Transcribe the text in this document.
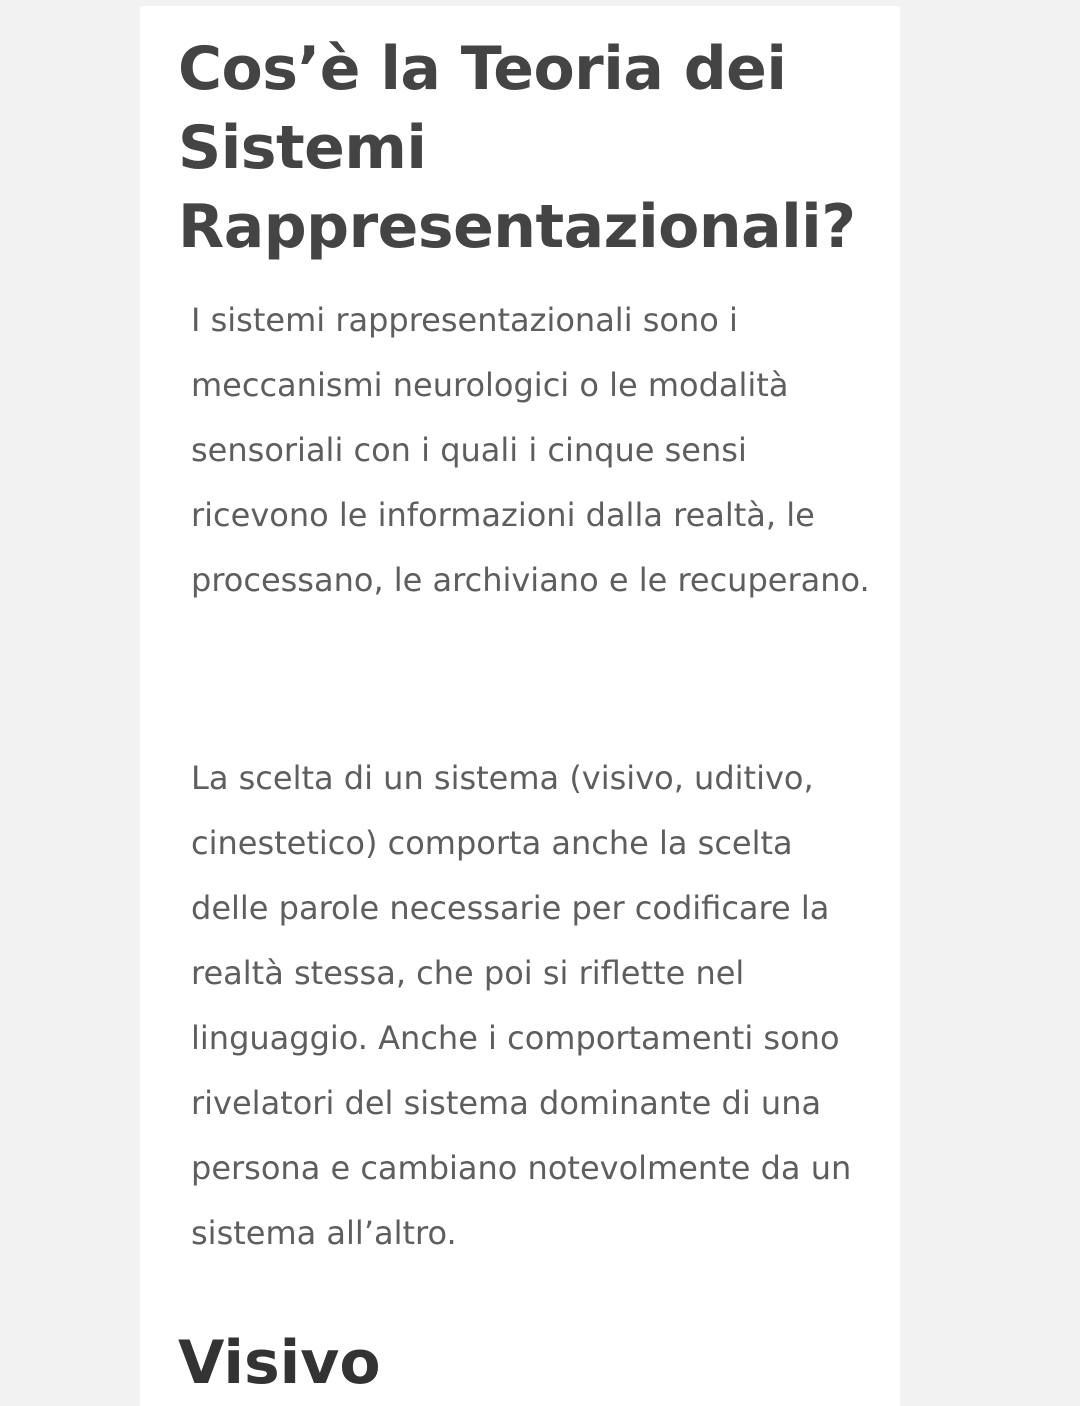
Cos’è la Teoria dei Sistemi Rappresentazionali?

I sistemi rappresentazionali sono i meccanismi neurologici o le modalità sensoriali con i quali i cinque sensi ricevono le informazioni dalla realtà, le processano, le archiviano e le recuperano.

La scelta di un sistema (visivo, uditivo, cinestetico) comporta anche la scelta delle parole necessarie per codificare la realtà stessa, che poi si riflette nel linguaggio. Anche i comportamenti sono rivelatori del sistema dominante di una persona e cambiano notevolmente da un sistema all’altro.

Visivo
